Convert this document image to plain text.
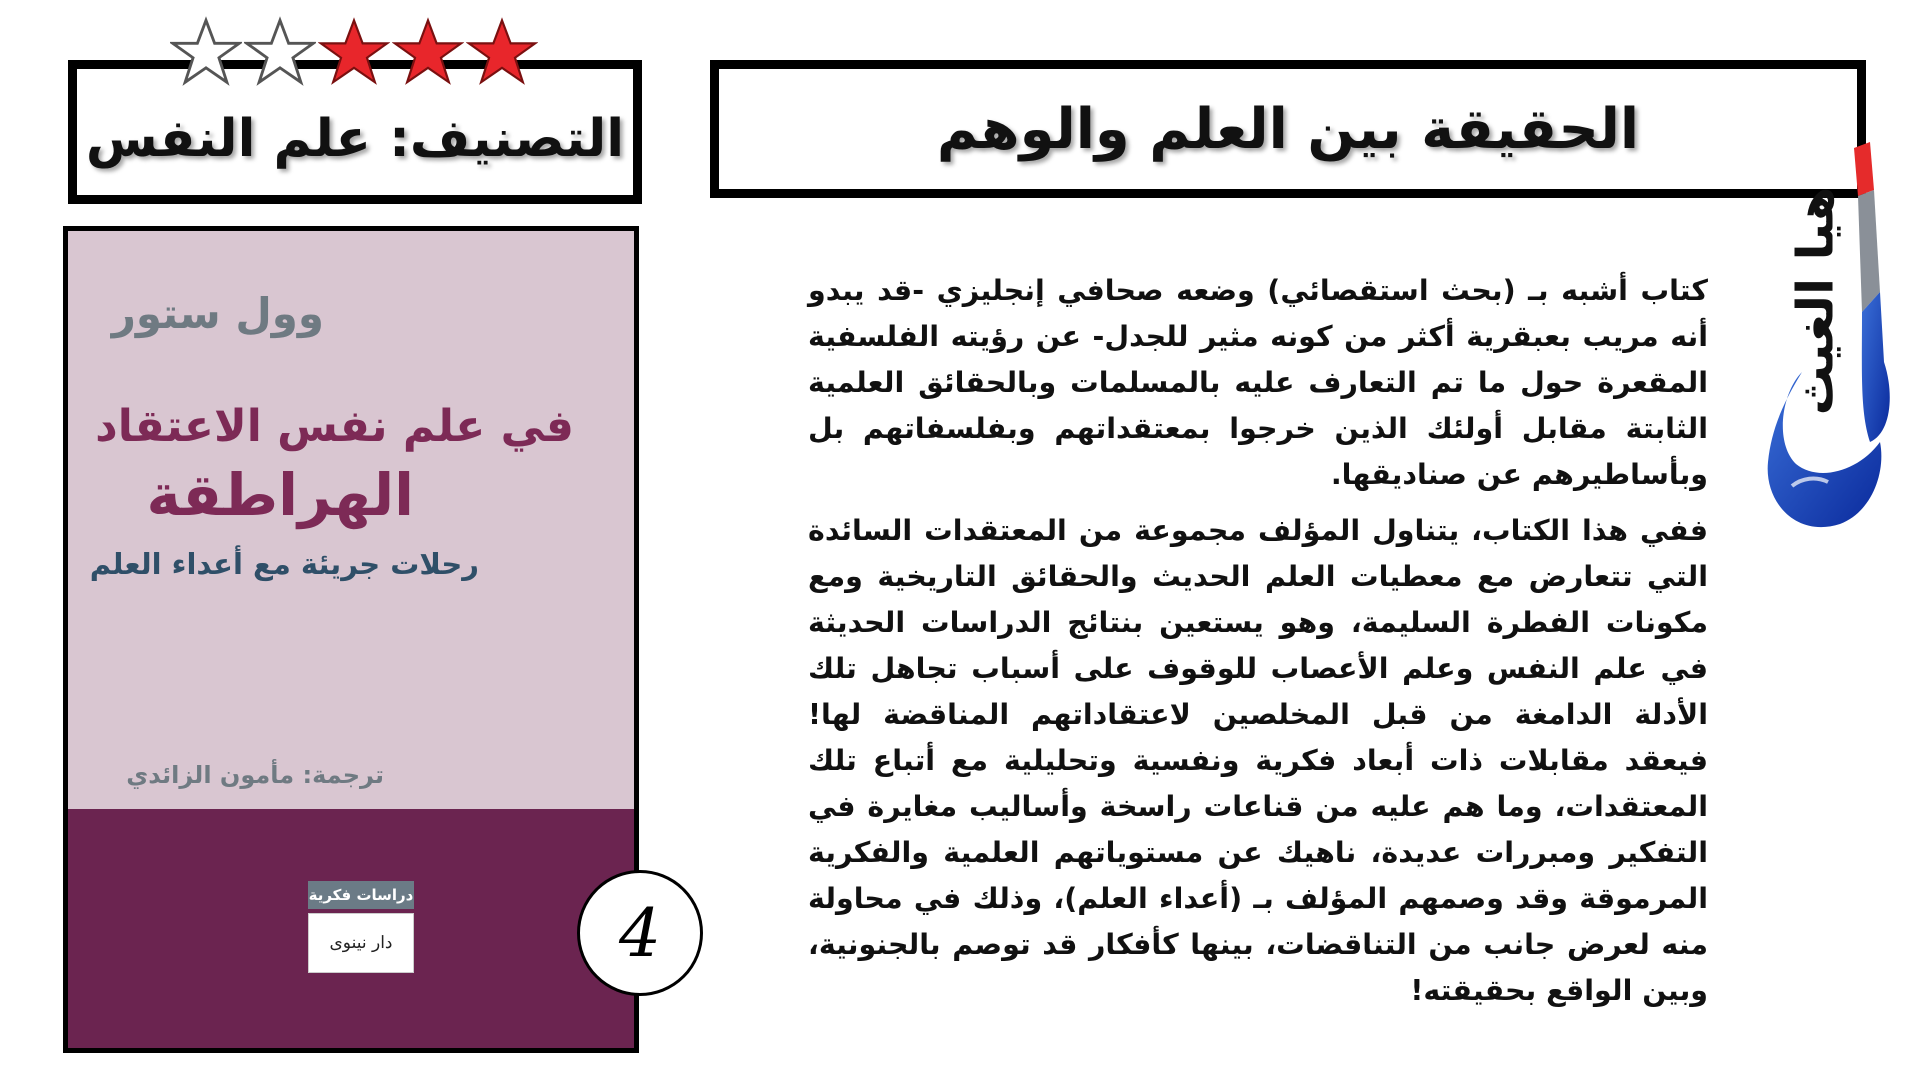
الحقيقة بين العلم والوهم
التصنيف: علم النفس
وول ستور
في علم نفس الاعتقاد
الهراطقة
رحلات جريئة مع أعداء العلم
ترجمة: مأمون الزائدي
دراسات فكرية
دار نينوى	4

كتاب أشبه بـ (بحث استقصائي) وضعه صحافي إنجليزي -قد يبدو أنه مريب بعبقرية أكثر من كونه مثير للجدل- عن رؤيته الفلسفية المقعرة حول ما تم التعارف عليه بالمسلمات وبالحقائق العلمية الثابتة مقابل أولئك الذين خرجوا بمعتقداتهم وبفلسفاتهم بل وبأساطيرهم عن صناديقها.

ففي هذا الكتاب، يتناول المؤلف مجموعة من المعتقدات السائدة التي تتعارض مع معطيات العلم الحديث والحقائق التاريخية ومع مكونات الفطرة السليمة، وهو يستعين بنتائج الدراسات الحديثة في علم النفس وعلم الأعصاب للوقوف على أسباب تجاهل تلك الأدلة الدامغة من قبل المخلصين لاعتقاداتهم المناقضة لها! فيعقد مقابلات ذات أبعاد فكرية ونفسية وتحليلية مع أتباع تلك المعتقدات، وما هم عليه من قناعات راسخة وأساليب مغايرة في التفكير ومبررات عديدة، ناهيك عن مستوياتهم العلمية والفكرية المرموقة وقد وصمهم المؤلف بـ (أعداء العلم)، وذلك في محاولة منه لعرض جانب من التناقضات، بينها كأفكار قد توصم بالجنونية، وبين الواقع بحقيقته!

هيا الغيث
